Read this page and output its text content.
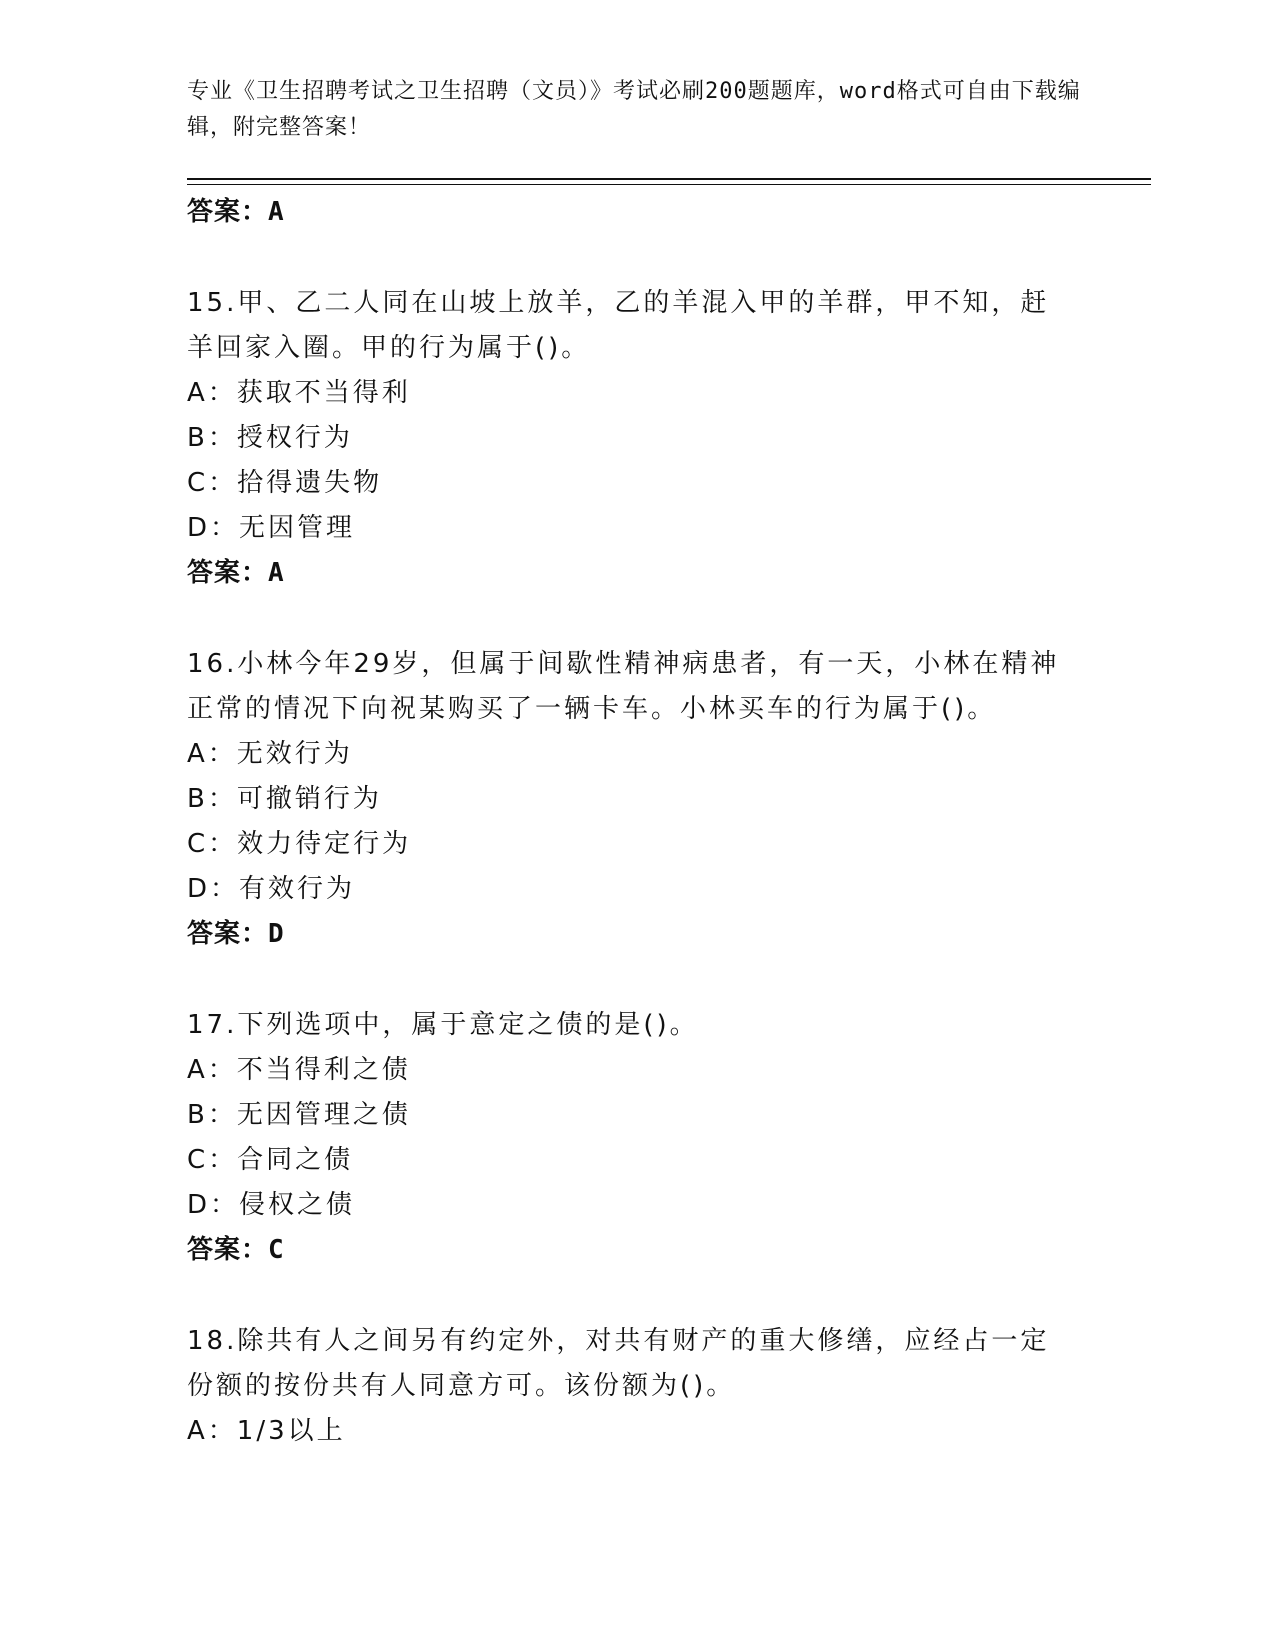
专业《卫生招聘考试之卫生招聘（文员）》考试必刷200题题库，word格式可自由下载编辑，附完整答案！
答案：A
15.甲、乙二人同在山坡上放羊，乙的羊混入甲的羊群，甲不知，赶羊回家入圈。甲的行为属于()。
A：获取不当得利
B：授权行为
C：拾得遗失物
D：无因管理
答案：A
16.小林今年29岁，但属于间歇性精神病患者，有一天，小林在精神正常的情况下向祝某购买了一辆卡车。小林买车的行为属于()。
A：无效行为
B：可撤销行为
C：效力待定行为
D：有效行为
答案：D
17.下列选项中，属于意定之债的是()。
A：不当得利之债
B：无因管理之债
C：合同之债
D：侵权之债
答案：C
18.除共有人之间另有约定外，对共有财产的重大修缮，应经占一定份额的按份共有人同意方可。该份额为()。
A：1/3以上
